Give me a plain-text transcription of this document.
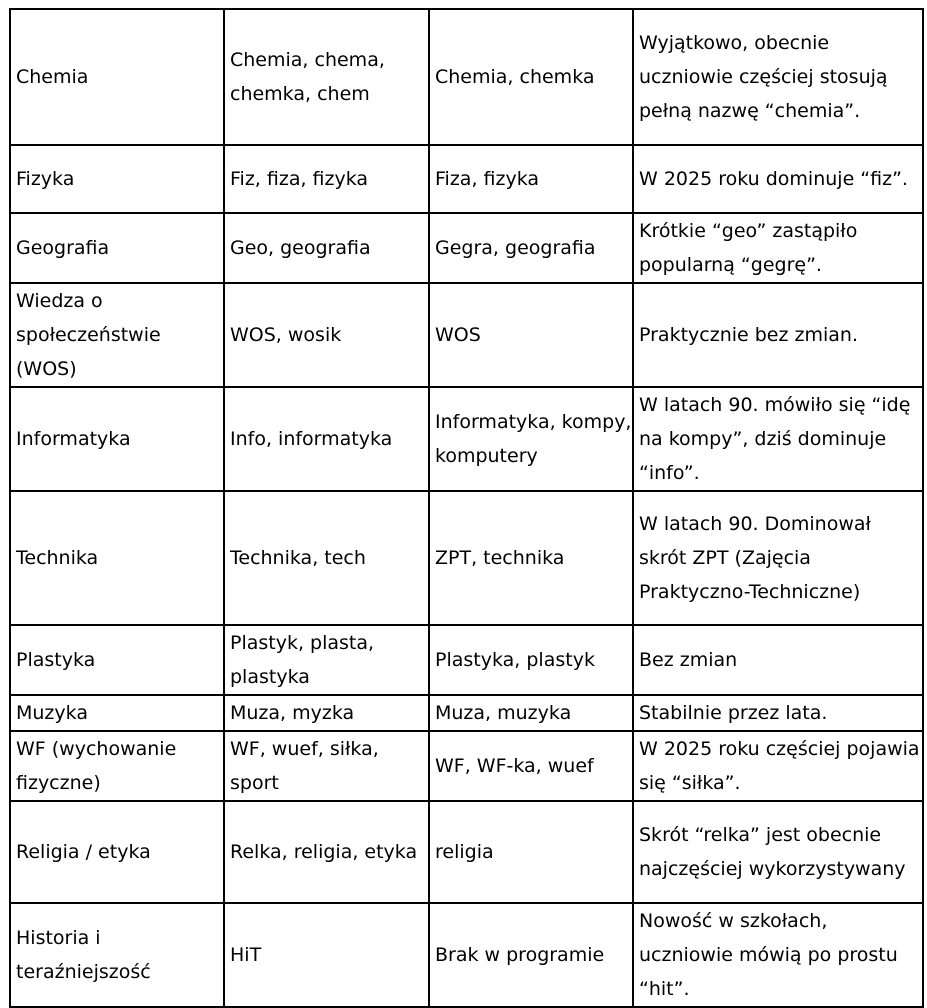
Chemia	Chemia, chema, chemka, chem	Chemia, chemka	Wyjątkowo, obecnie uczniowie częściej stosują pełną nazwę “chemia”.
Fizyka	Fiz, fiza, fizyka	Fiza, fizyka	W 2025 roku dominuje “fiz”.
Geografia	Geo, geografia	Gegra, geografia	Krótkie “geo” zastąpiło popularną “gegrę”.
Wiedza o społeczeństwie (WOS)	WOS, wosik	WOS	Praktycznie bez zmian.
Informatyka	Info, informatyka	Informatyka, kompy, komputery	W latach 90. mówiło się “idę na kompy”, dziś dominuje “info”.
Technika	Technika, tech	ZPT, technika	W latach 90. Dominował skrót ZPT (Zajęcia Praktyczno-Techniczne)
Plastyka	Plastyk, plasta, plastyka	Plastyka, plastyk	Bez zmian
Muzyka	Muza, myzka	Muza, muzyka	Stabilnie przez lata.
WF (wychowanie fizyczne)	WF, wuef, siłka, sport	WF, WF-ka, wuef	W 2025 roku częściej pojawia się “siłka”.
Religia / etyka	Relka, religia, etyka	religia	Skrót “relka” jest obecnie najczęściej wykorzystywany
Historia i teraźniejszość	HiT	Brak w programie	Nowość w szkołach, uczniowie mówią po prostu “hit”.
